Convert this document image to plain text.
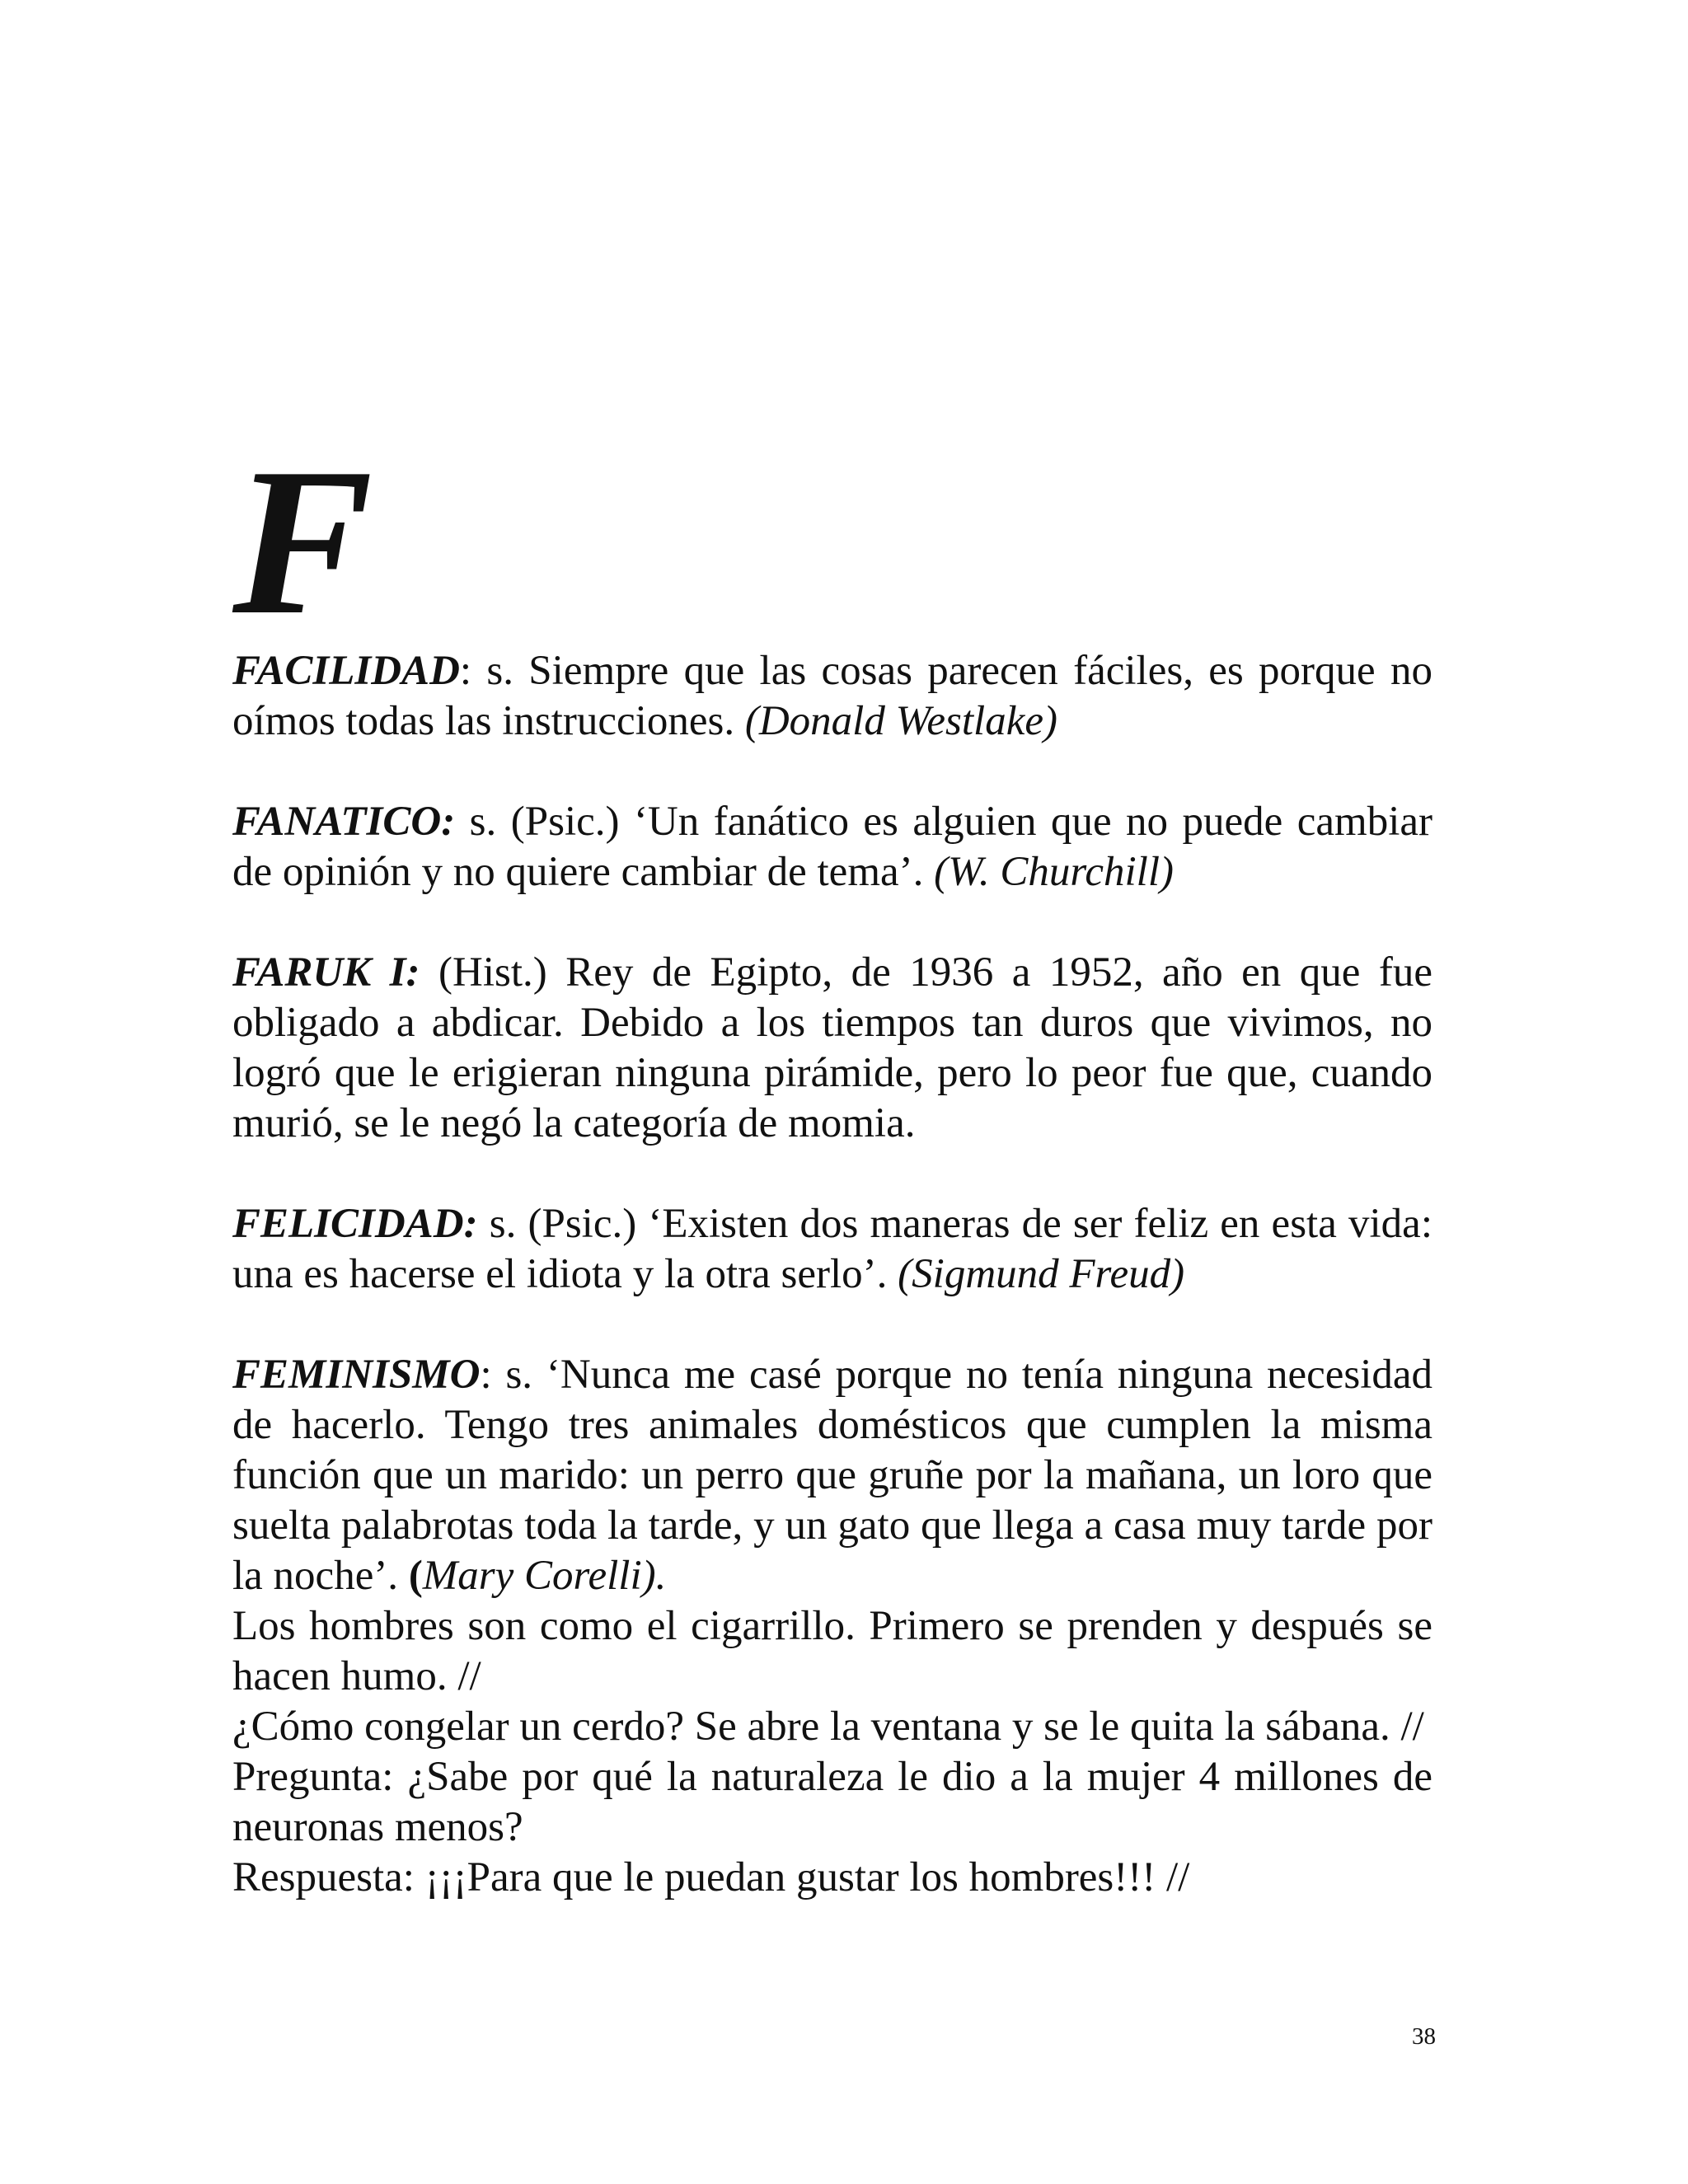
F

FACILIDAD: s. Siempre que las cosas parecen fáciles, es porque no oímos todas las instrucciones. (Donald Westlake)

FANATICO: s. (Psic.) ‘Un fanático es alguien que no puede cambiar de opinión y no quiere cambiar de tema’. (W. Churchill)

FARUK I: (Hist.) Rey de Egipto, de 1936 a 1952, año en que fue obligado a abdicar. Debido a los tiempos tan duros que vivimos, no logró que le erigieran ninguna pirámide, pero lo peor fue que, cuando murió, se le negó la categoría de momia.

FELICIDAD: s. (Psic.) ‘Existen dos maneras de ser feliz en esta vida: una es hacerse el idiota y la otra serlo’. (Sigmund Freud)

FEMINISMO: s. ‘Nunca me casé porque no tenía ninguna necesidad de hacerlo. Tengo tres animales domésticos que cumplen la misma función que un marido: un perro que gruñe por la mañana, un loro que suelta palabrotas toda la tarde, y un gato que llega a casa muy tarde por la noche’. (Mary Corelli).

Los hombres son como el cigarrillo. Primero se prenden y después se hacen humo. //

¿Cómo congelar un cerdo? Se abre la ventana y se le quita la sábana. //

Pregunta: ¿Sabe por qué la naturaleza le dio a la mujer 4 millones de neuronas menos?

Respuesta: ¡¡¡Para que le puedan gustar los hombres!!! //

38
